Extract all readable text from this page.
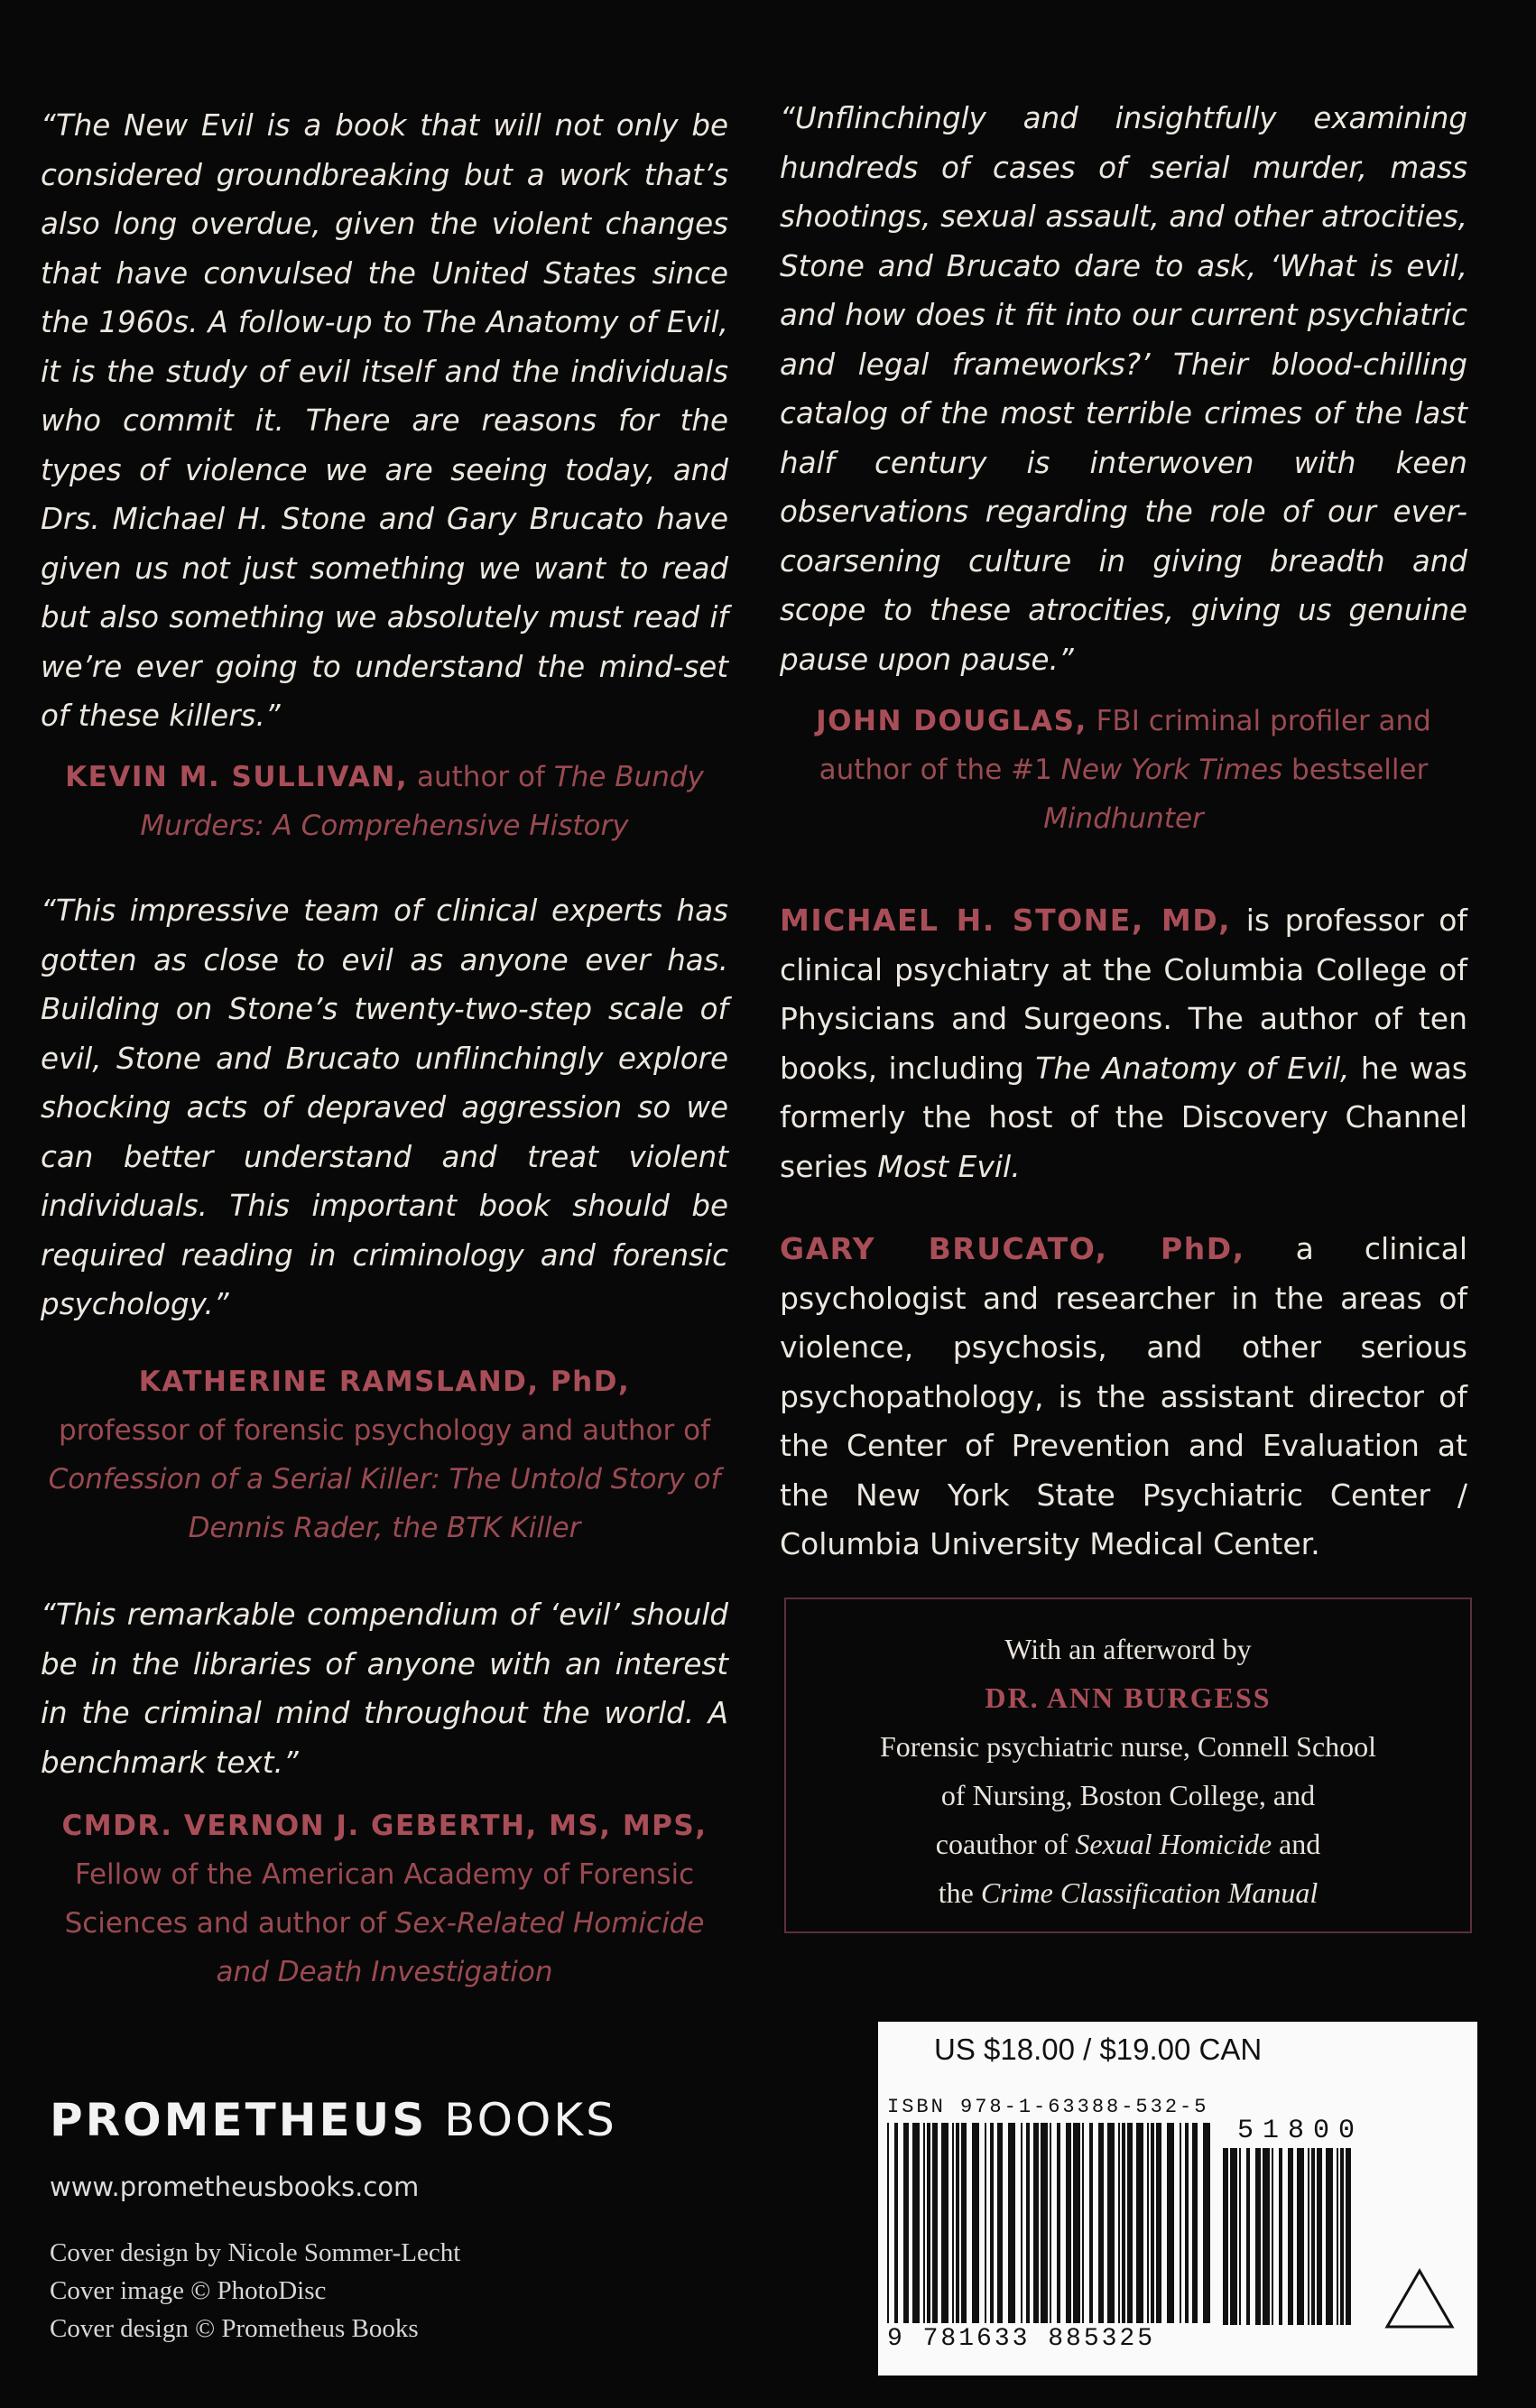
“The New Evil is a book that will not only be considered groundbreaking but a work that’s also long overdue, given the violent changes that have convulsed the United States since the 1960s. A follow-up to The Anatomy of Evil, it is the study of evil itself and the individuals who commit it. There are reasons for the types of violence we are seeing today, and Drs. Michael H. Stone and Gary Brucato have given us not just something we want to read but also something we absolutely must read if we’re ever going to understand the mind-set of these killers.”

KEVIN M. SULLIVAN, author of The Bundy Murders: A Comprehensive History

“This impressive team of clinical experts has gotten as close to evil as anyone ever has. Building on Stone’s twenty-two-step scale of evil, Stone and Brucato unflinchingly explore shocking acts of depraved aggression so we can better understand and treat violent individuals. This important book should be required reading in criminology and forensic psychology.”

KATHERINE RAMSLAND, PhD,
professor of forensic psychology and author of Confession of a Serial Killer: The Untold Story of Dennis Rader, the BTK Killer

“This remarkable compendium of ‘evil’ should be in the libraries of anyone with an interest in the criminal mind throughout the world. A benchmark text.”

CMDR. VERNON J. GEBERTH, MS, MPS,
Fellow of the American Academy of Forensic Sciences and author of Sex-Related Homicide and Death Investigation

PROMETHEUS BOOKS
www.prometheusbooks.com
Cover design by Nicole Sommer-Lecht
Cover image © PhotoDisc
Cover design © Prometheus Books

“Unflinchingly and insightfully examining hundreds of cases of serial murder, mass shootings, sexual assault, and other atrocities, Stone and Brucato dare to ask, ‘What is evil, and how does it fit into our current psychiatric and legal frameworks?’ Their blood-chilling catalog of the most terrible crimes of the last half century is interwoven with keen observations regarding the role of our ever-coarsening culture in giving breadth and scope to these atrocities, giving us genuine pause upon pause.”

JOHN DOUGLAS, FBI criminal profiler and author of the #1 New York Times bestseller Mindhunter

MICHAEL H. STONE, MD, is professor of clinical psychiatry at the Columbia College of Physicians and Surgeons. The author of ten books, including The Anatomy of Evil, he was formerly the host of the Discovery Channel series Most Evil.

GARY BRUCATO, PhD, a clinical psychologist and researcher in the areas of violence, psychosis, and other serious psychopathology, is the assistant director of the Center of Prevention and Evaluation at the New York State Psychiatric Center / Columbia University Medical Center.

With an afterword by
DR. ANN BURGESS
Forensic psychiatric nurse, Connell School
of Nursing, Boston College, and
coauthor of Sexual Homicide and
the Crime Classification Manual
US $18.00 / $19.00 CAN
ISBN 978-1-63388-532-5
51800
9 781633 885325
